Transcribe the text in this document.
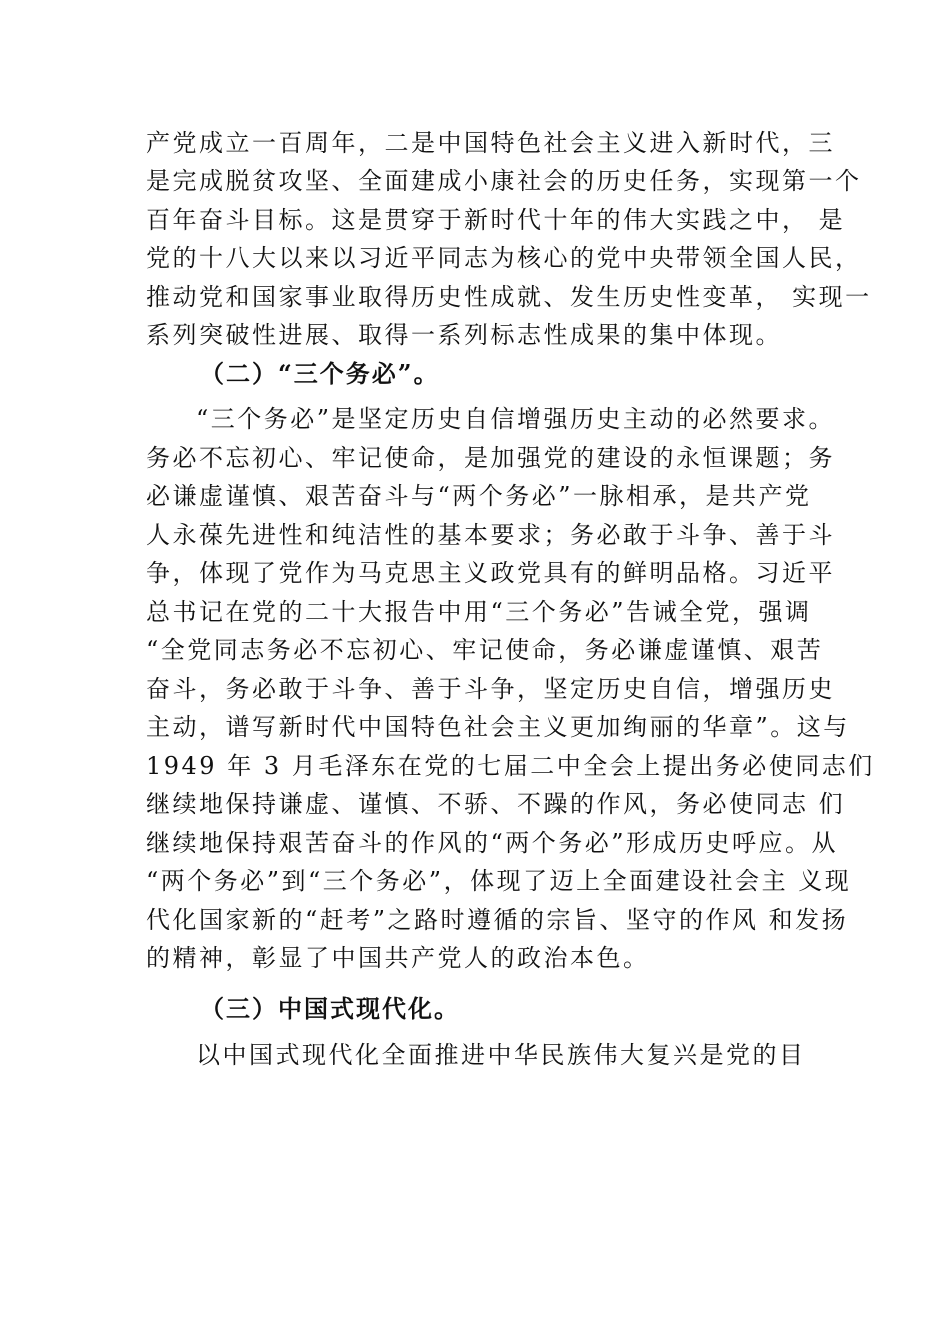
产党成立一百周年，二是中国特色社会主义进入新时代，三
是完成脱贫攻坚、全面建成小康社会的历史任务，实现第一个
百年奋斗目标。这是贯穿于新时代十年的伟大实践之中， 是
党的十八大以来以习近平同志为核心的党中央带领全国人民，
推动党和国家事业取得历史性成就、发生历史性变革， 实现一
系列突破性进展、取得一系列标志性成果的集中体现。
（二）“三个务必”。
“三个务必”是坚定历史自信增强历史主动的必然要求。
务必不忘初心、牢记使命，是加强党的建设的永恒课题；务
必谦虚谨慎、艰苦奋斗与“两个务必”一脉相承，是共产党
人永葆先进性和纯洁性的基本要求；务必敢于斗争、善于斗
争，体现了党作为马克思主义政党具有的鲜明品格。习近平
总书记在党的二十大报告中用“三个务必”告诫全党，强调
“全党同志务必不忘初心、牢记使命，务必谦虚谨慎、艰苦
奋斗，务必敢于斗争、善于斗争，坚定历史自信，增强历史
主动，谱写新时代中国特色社会主义更加绚丽的华章”。这与
1949 年 3 月毛泽东在党的七届二中全会上提出务必使同志们
继续地保持谦虚、谨慎、不骄、不躁的作风，务必使同志 们
继续地保持艰苦奋斗的作风的“两个务必”形成历史呼应。从
“两个务必”到“三个务必”，体现了迈上全面建设社会主 义现
代化国家新的“赶考”之路时遵循的宗旨、坚守的作风 和发扬
的精神，彰显了中国共产党人的政治本色。
（三）中国式现代化。
以中国式现代化全面推进中华民族伟大复兴是党的目
